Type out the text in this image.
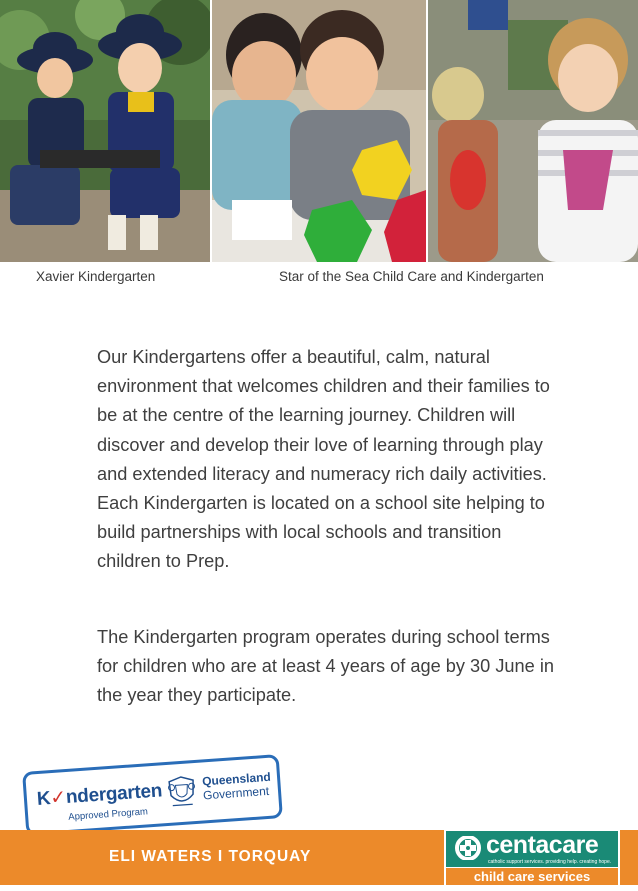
Xavier Kindergarten	Star of the Sea Child Care and Kindergarten

Our Kindergartens offer a beautiful, calm, natural environment that welcomes children and their families to be at the centre of the learning journey. Children will discover and develop their love of learning through play and extended literacy and numeracy rich daily activities. Each Kindergarten is located on a school site helping to build partnerships with local schools and transition children to Prep.

The Kindergarten program operates during school terms for children who are at least 4 years of age by 30 June in the year they participate.

K✓ndergarten
Approved Program
Queensland
Government
ELI WATERS I TORQUAY	centacare
catholic support services. providing help. creating hope.
child care services
